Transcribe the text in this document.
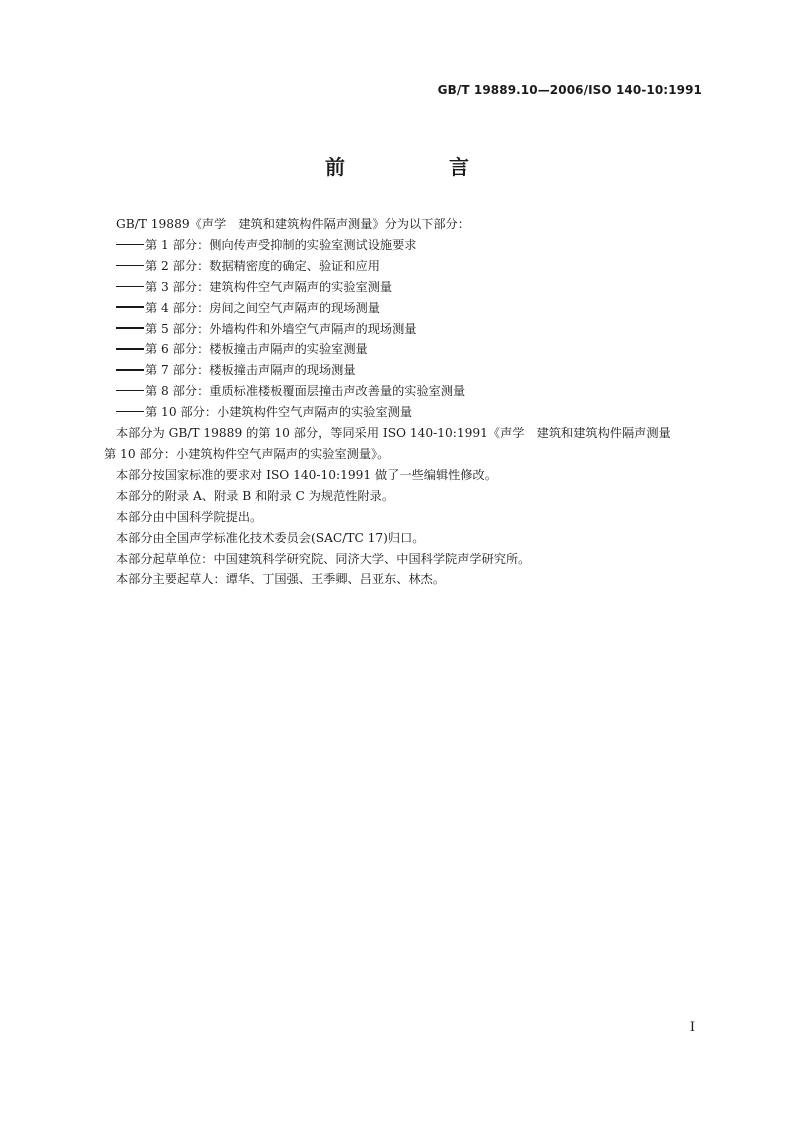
GB/T 19889.10—2006/ISO 140-10:1991
前　言

GB/T 19889《声学　建筑和建筑构件隔声测量》分为以下部分：

第 1 部分：侧向传声受抑制的实验室测试设施要求

第 2 部分：数据精密度的确定、验证和应用

第 3 部分：建筑构件空气声隔声的实验室测量

第 4 部分：房间之间空气声隔声的现场测量

第 5 部分：外墙构件和外墙空气声隔声的现场测量

第 6 部分：楼板撞击声隔声的实验室测量

第 7 部分：楼板撞击声隔声的现场测量

第 8 部分：重质标准楼板覆面层撞击声改善量的实验室测量

第 10 部分：小建筑构件空气声隔声的实验室测量

本部分为 GB/T 19889 的第 10 部分，等同采用 ISO 140-10:1991《声学　建筑和建筑构件隔声测量

第 10 部分：小建筑构件空气声隔声的实验室测量》。

本部分按国家标准的要求对 ISO 140-10:1991 做了一些编辑性修改。

本部分的附录 A、附录 B 和附录 C 为规范性附录。

本部分由中国科学院提出。

本部分由全国声学标准化技术委员会(SAC/TC 17)归口。

本部分起草单位：中国建筑科学研究院、同济大学、中国科学院声学研究所。

本部分主要起草人：谭华、丁国强、王季卿、吕亚东、林杰。

I
